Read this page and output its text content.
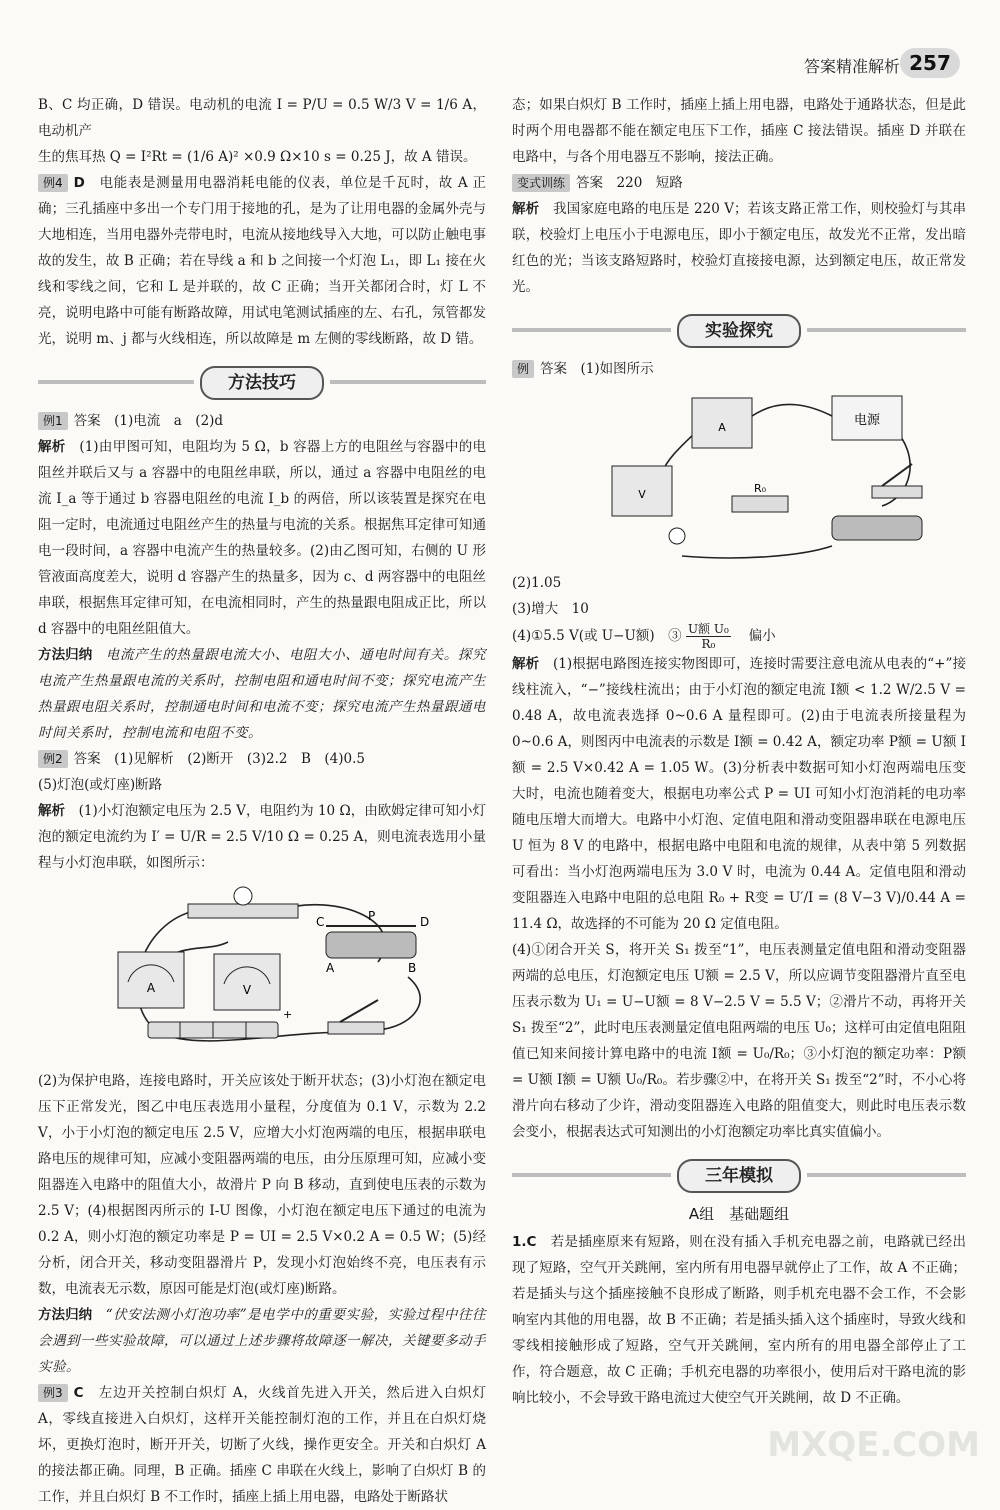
答案精准解析 257

B、C 均正确，D 错误。电动机的电流 I = P/U = 0.5 W/3 V = 1/6 A，电动机产

生的焦耳热 Q = I²Rt = (1/6 A)² ×0.9 Ω×10 s = 0.25 J，故 A 错误。

例4 D　 电能表是测量用电器消耗电能的仪表，单位是千瓦时，故 A 正确；三孔插座中多出一个专门用于接地的孔，是为了让用电器的金属外壳与大地相连，当用电器外壳带电时，电流从接地线导入大地，可以防止触电事故的发生，故 B 正确；若在导线 a 和 b 之间接一个灯泡 L₁，即 L₁ 接在火线和零线之间，它和 L 是并联的，故 C 正确；当开关都闭合时，灯 L 不亮，说明电路中可能有断路故障，用试电笔测试插座的左、右孔，氖管都发光，说明 m、j 都与火线相连，所以故障是 m 左侧的零线断路，故 D 错。

方法技巧

例1 答案　(1)电流　a　(2)d

解析　 (1)由甲图可知，电阻均为 5 Ω，b 容器上方的电阻丝与容器中的电阻丝并联后又与 a 容器中的电阻丝串联，所以，通过 a 容器中电阻丝的电流 I_a 等于通过 b 容器电阻丝的电流 I_b 的两倍，所以该装置是探究在电阻一定时，电流通过电阻丝产生的热量与电流的关系。根据焦耳定律可知通电一段时间，a 容器中电流产生的热量较多。(2)由乙图可知，右侧的 U 形管液面高度差大，说明 d 容器产生的热量多，因为 c、d 两容器中的电阻丝串联，根据焦耳定律可知，在电流相同时，产生的热量跟电阻成正比，所以 d 容器中的电阻丝阻值大。

方法归纳　 电流产生的热量跟电流大小、电阻大小、通电时间有关。探究电流产生热量跟电流的关系时，控制电阻和通电时间不变；探究电流产生热量跟电阻关系时，控制通电时间和电流不变；探究电流产生热量跟通电时间关系时，控制电流和电阻不变。

例2 答案　(1)见解析　(2)断开　(3)2.2　B　(4)0.5

(5)灯泡(或灯座)断路

解析　 (1)小灯泡额定电压为 2.5 V，电阻约为 10 Ω，由欧姆定律可知小灯泡的额定电流约为 I′ = U/R = 2.5 V/10 Ω = 0.25 A，则电流表选用小量程与小灯泡串联，如图所示：

A	V
P
C	D
A	B
+

(2)为保护电路，连接电路时，开关应该处于断开状态；(3)小灯泡在额定电压下正常发光，图乙中电压表选用小量程，分度值为 0.1 V，示数为 2.2 V，小于小灯泡的额定电压 2.5 V，应增大小灯泡两端的电压，根据串联电路电压的规律可知，应减小变阻器两端的电压，由分压原理可知，应减小变阻器连入电路中的阻值大小，故滑片 P 向 B 移动，直到使电压表的示数为 2.5 V；(4)根据图丙所示的 I-U 图像，小灯泡在额定电压下通过的电流为 0.2 A，则小灯泡的额定功率是 P = UI = 2.5 V×0.2 A = 0.5 W；(5)经分析，闭合开关，移动变阻器滑片 P，发现小灯泡始终不亮，电压表有示数，电流表无示数，原因可能是灯泡(或灯座)断路。

方法归纳　 “伏安法测小灯泡功率”是电学中的重要实验，实验过程中往往会遇到一些实验故障，可以通过上述步骤将故障逐一解决，关键要多动手实验。

例3 C　 左边开关控制白炽灯 A，火线首先进入开关，然后进入白炽灯 A，零线直接进入白炽灯，这样开关能控制灯泡的工作，并且在白炽灯烧坏，更换灯泡时，断开开关，切断了火线，操作更安全。开关和白炽灯 A 的接法都正确。同理，B 正确。插座 C 串联在火线上，影响了白炽灯 B 的工作，并且白炽灯 B 不工作时，插座上插上用电器，电路处于断路状

态；如果白炽灯 B 工作时，插座上插上用电器，电路处于通路状态，但是此时两个用电器都不能在额定电压下工作，插座 C 接法错误。插座 D 并联在电路中，与各个用电器互不影响，接法正确。

变式训练 答案　220　短路

解析　 我国家庭电路的电压是 220 V；若该支路正常工作，则校验灯与其串联，校验灯上电压小于电源电压，即小于额定电压，故发光不正常，发出暗红色的光；当该支路短路时，校验灯直接接电源，达到额定电压，故正常发光。

实验探究

例 答案　(1)如图所示

A	电源
V	R₀

(2)1.05

(3)增大　10

(4)①5.5 V(或 U−U额)　③ $\frac{\text{U额 U₀}}{\text{R₀}}$
　 偏小

解析　 (1)根据电路图连接实物图即可，连接时需要注意电流从电表的“+”接线柱流入，“−”接线柱流出；由于小灯泡的额定电流 I额 < 1.2 W/2.5 V = 0.48 A，故电流表选择 0~0.6 A 量程即可。(2)由于电流表所接量程为 0~0.6 A，则图丙中电流表的示数是 I额 = 0.42 A，额定功率 P额 = U额 I额 = 2.5 V×0.42 A = 1.05 W。(3)分析表中数据可知小灯泡两端电压变大时，电流也随着变大，根据电功率公式 P = UI 可知小灯泡消耗的电功率随电压增大而增大。电路中小灯泡、定值电阻和滑动变阻器串联在电源电压 U 恒为 8 V 的电路中，根据电路中电阻和电流的规律，从表中第 5 列数据可看出：当小灯泡两端电压为 3.0 V 时，电流为 0.44 A。定值电阻和滑动变阻器连入电路中电阻的总电阻 R₀ + R变 = U′/I = (8 V−3 V)/0.44 A = 11.4 Ω，故选择的不可能为 20 Ω 定值电阻。

(4)①闭合开关 S，将开关 S₁ 拨至“1”，电压表测量定值电阻和滑动变阻器两端的总电压，灯泡额定电压 U额 = 2.5 V，所以应调节变阻器滑片直至电压表示数为 U₁ = U−U额 = 8 V−2.5 V = 5.5 V；②滑片不动，再将开关 S₁ 拨至“2”，此时电压表测量定值电阻两端的电压 U₀；这样可由定值电阻阻值已知来间接计算电路中的电流 I额 = U₀/R₀；③小灯泡的额定功率：P额 = U额 I额 = U额 U₀/R₀。若步骤②中，在将开关 S₁ 拨至“2”时，不小心将滑片向右移动了少许，滑动变阻器连入电路的阻值变大，则此时电压表示数会变小，根据表达式可知测出的小灯泡额定功率比真实值偏小。

三年模拟
A组　基础题组

1.C　 若是插座原来有短路，则在没有插入手机充电器之前，电路就已经出现了短路，空气开关跳闸，室内所有用电器早就停止了工作，故 A 不正确；若是插头与这个插座接触不良形成了断路，则手机充电器不会工作，不会影响室内其他的用电器，故 B 不正确；若是插头插入这个插座时，导致火线和零线相接触形成了短路，空气开关跳闸，室内所有的用电器全部停止了工作，符合题意，故 C 正确；手机充电器的功率很小，使用后对干路电流的影响比较小，不会导致干路电流过大使空气开关跳闸，故 D 不正确。

MXQE.COM
